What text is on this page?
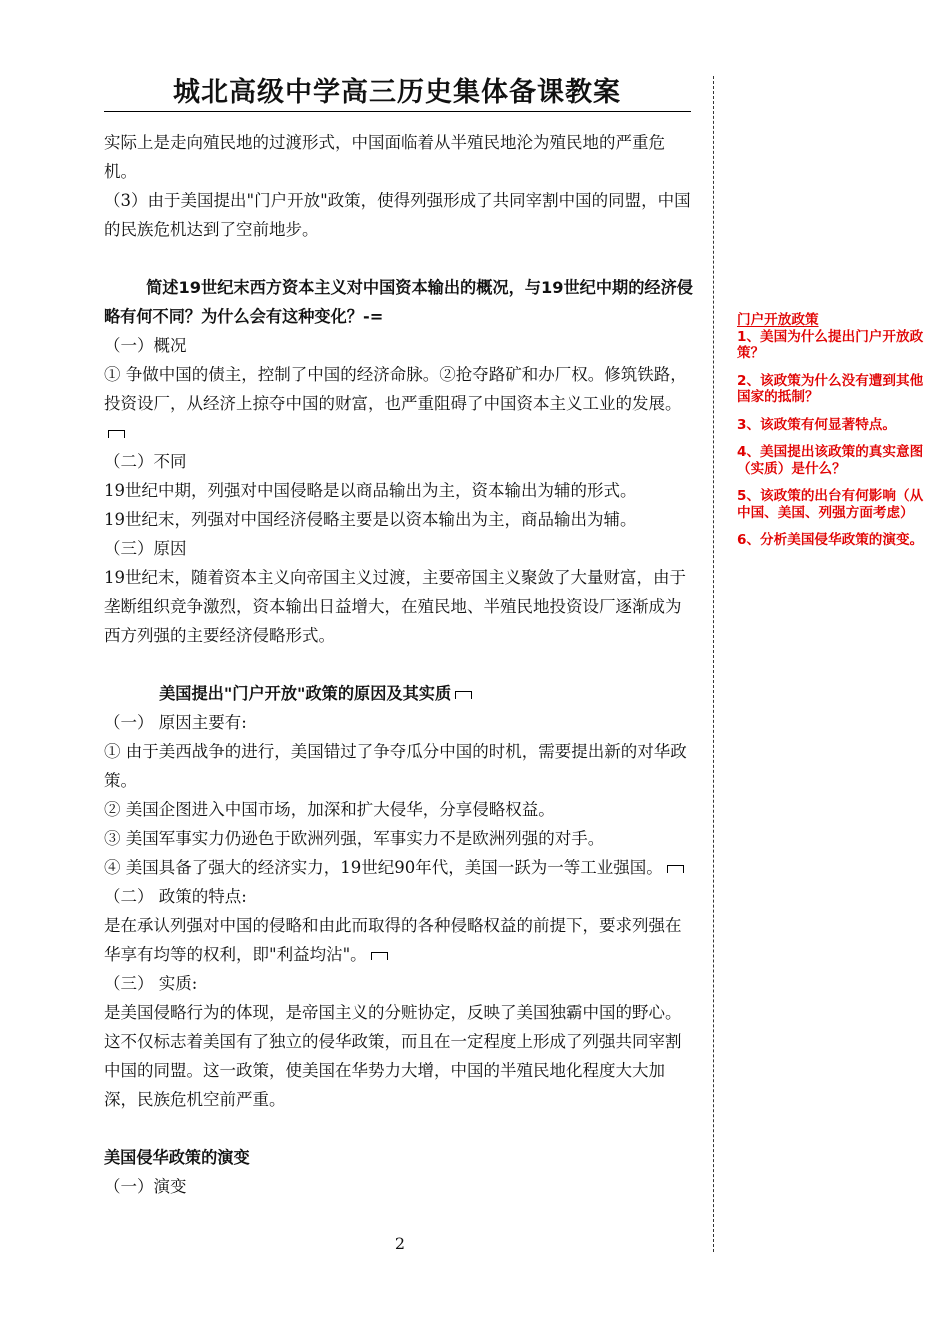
城北高级中学高三历史集体备课教案

实际上是走向殖民地的过渡形式，中国面临着从半殖民地沦为殖民地的严重危机。

（3）由于美国提出"门户开放"政策，使得列强形成了共同宰割中国的同盟，中国的民族危机达到了空前地步。

简述19世纪末西方资本主义对中国资本输出的概况，与19世纪中期的经济侵略有何不同？为什么会有这种变化？-=

（一）概况

① 争做中国的债主，控制了中国的经济命脉。②抢夺路矿和办厂权。修筑铁路，投资设厂，从经济上掠夺中国的财富，也严重阻碍了中国资本主义工业的发展。

（二）不同

19世纪中期，列强对中国侵略是以商品输出为主，资本输出为辅的形式。

19世纪末，列强对中国经济侵略主要是以资本输出为主，商品输出为辅。

（三）原因

19世纪末，随着资本主义向帝国主义过渡，主要帝国主义聚敛了大量财富，由于垄断组织竞争激烈，资本输出日益增大，在殖民地、半殖民地投资设厂逐渐成为西方列强的主要经济侵略形式。

美国提出"门户开放"政策的原因及其实质

（一） 原因主要有:

① 由于美西战争的进行，美国错过了争夺瓜分中国的时机，需要提出新的对华政策。

② 美国企图进入中国市场，加深和扩大侵华，分享侵略权益。

③ 美国军事实力仍逊色于欧洲列强，军事实力不是欧洲列强的对手。

④ 美国具备了强大的经济实力，19世纪90年代，美国一跃为一等工业强国。

（二） 政策的特点:

是在承认列强对中国的侵略和由此而取得的各种侵略权益的前提下，要求列强在华享有均等的权利，即"利益均沾"。

（三） 实质:

是美国侵略行为的体现，是帝国主义的分赃协定，反映了美国独霸中国的野心。这不仅标志着美国有了独立的侵华政策，而且在一定程度上形成了列强共同宰割中国的同盟。这一政策，使美国在华势力大增，中国的半殖民地化程度大大加深，民族危机空前严重。

美国侵华政策的演变

（一）演变

门户开放政策

1、美国为什么提出门户开放政策？

2、该政策为什么没有遭到其他国家的抵制？

3、该政策有何显著特点。

4、美国提出该政策的真实意图（实质）是什么？

5、该政策的出台有何影响（从中国、美国、列强方面考虑）

6、分析美国侵华政策的演变。

2
